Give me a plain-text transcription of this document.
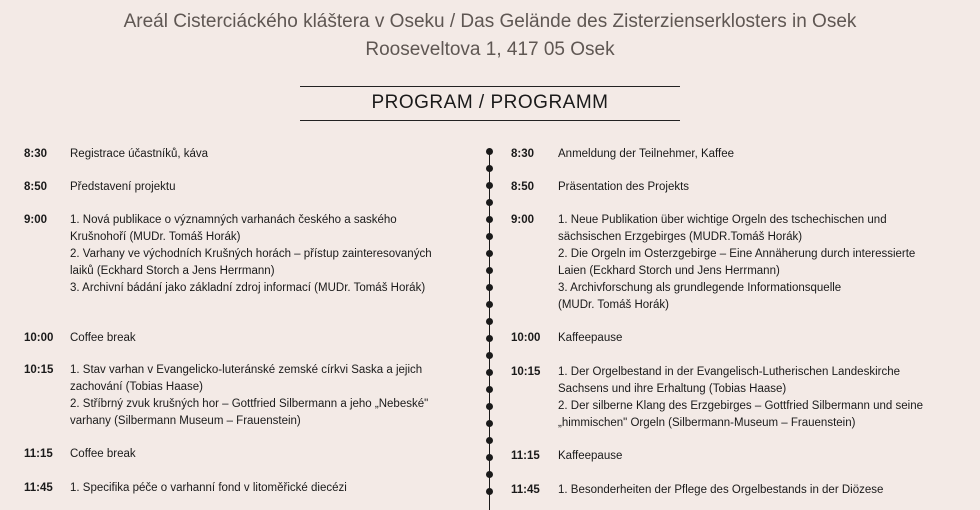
Areál Cisterciáckého kláštera v Oseku / Das Gelände des Zisterzienserklosters in Osek
Rooseveltova 1, 417 05 Osek
PROGRAM / PROGRAMM
8:30 Registrace účastníků, káva
8:50 Představení projektu
9:00 1. Nová publikace o významných varhanách českého a saského
Krušnohoří (MUDr. Tomáš Horák)
2. Varhany ve východních Krušných horách – přístup zainteresovaných
laiků (Eckhard Storch a Jens Herrmann)
3. Archivní bádání jako základní zdroj informací (MUDr. Tomáš Horák)
10:00 Coffee break
10:15 1. Stav varhan v Evangelicko-luteránské zemské církvi Saska a jejich
zachování (Tobias Haase)
2. Stříbrný zvuk krušných hor – Gottfried Silbermann a jeho „Nebeské"
varhany (Silbermann Museum – Frauenstein)
11:15 Coffee break
11:45 1. Specifika péče o varhanní fond v litoměřické diecézi
8:30 Anmeldung der Teilnehmer, Kaffee
8:50 Präsentation des Projekts
9:00 1. Neue Publikation über wichtige Orgeln des tschechischen und
sächsischen Erzgebirges (MUDR.Tomáš Horák)
2. Die Orgeln im Osterzgebirge – Eine Annäherung durch interessierte
Laien (Eckhard Storch und Jens Herrmann)
3. Archivforschung als grundlegende Informationsquelle
(MUDr. Tomáš Horák)
10:00 Kaffeepause
10:15 1. Der Orgelbestand in der Evangelisch-Lutherischen Landeskirche
Sachsens und ihre Erhaltung (Tobias Haase)
2. Der silberne Klang des Erzgebirges – Gottfried Silbermann und seine
„himmischen" Orgeln (Silbermann-Museum – Frauenstein)
11:15 Kaffeepause
11:45 1. Besonderheiten der Pflege des Orgelbestands in der Diözese
